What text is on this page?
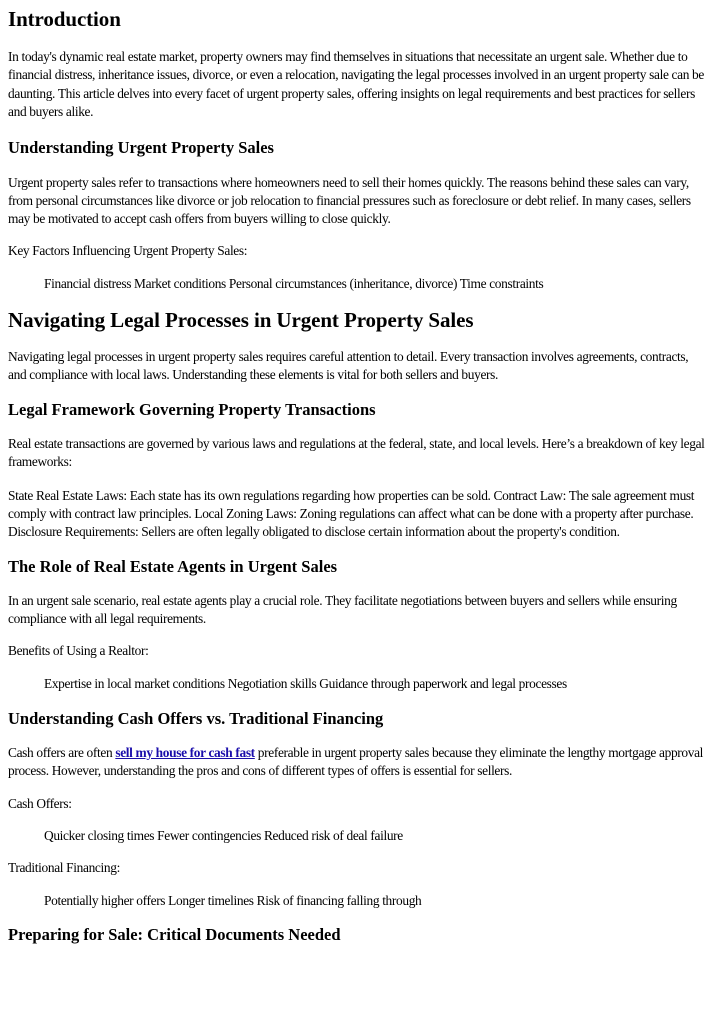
Introduction

In today's dynamic real estate market, property owners may find themselves in situations that necessitate an urgent sale. Whether due to financial distress, inheritance issues, divorce, or even a relocation, navigating the legal processes involved in an urgent property sale can be daunting. This article delves into every facet of urgent property sales, offering insights on legal requirements and best practices for sellers and buyers alike.

Understanding Urgent Property Sales

Urgent property sales refer to transactions where homeowners need to sell their homes quickly. The reasons behind these sales can vary, from personal circumstances like divorce or job relocation to financial pressures such as foreclosure or debt relief. In many cases, sellers may be motivated to accept cash offers from buyers willing to close quickly.

Key Factors Influencing Urgent Property Sales:

Financial distress Market conditions Personal circumstances (inheritance, divorce) Time constraints

Navigating Legal Processes in Urgent Property Sales

Navigating legal processes in urgent property sales requires careful attention to detail. Every transaction involves agreements, contracts, and compliance with local laws. Understanding these elements is vital for both sellers and buyers.

Legal Framework Governing Property Transactions

Real estate transactions are governed by various laws and regulations at the federal, state, and local levels. Here’s a breakdown of key legal frameworks:

State Real Estate Laws: Each state has its own regulations regarding how properties can be sold. Contract Law: The sale agreement must comply with contract law principles. Local Zoning Laws: Zoning regulations can affect what can be done with a property after purchase. Disclosure Requirements: Sellers are often legally obligated to disclose certain information about the property's condition.

The Role of Real Estate Agents in Urgent Sales

In an urgent sale scenario, real estate agents play a crucial role. They facilitate negotiations between buyers and sellers while ensuring compliance with all legal requirements.

Benefits of Using a Realtor:

Expertise in local market conditions Negotiation skills Guidance through paperwork and legal processes

Understanding Cash Offers vs. Traditional Financing

Cash offers are often sell my house for cash fast preferable in urgent property sales because they eliminate the lengthy mortgage approval process. However, understanding the pros and cons of different types of offers is essential for sellers.

Cash Offers:

Quicker closing times Fewer contingencies Reduced risk of deal failure

Traditional Financing:

Potentially higher offers Longer timelines Risk of financing falling through

Preparing for Sale: Critical Documents Needed
